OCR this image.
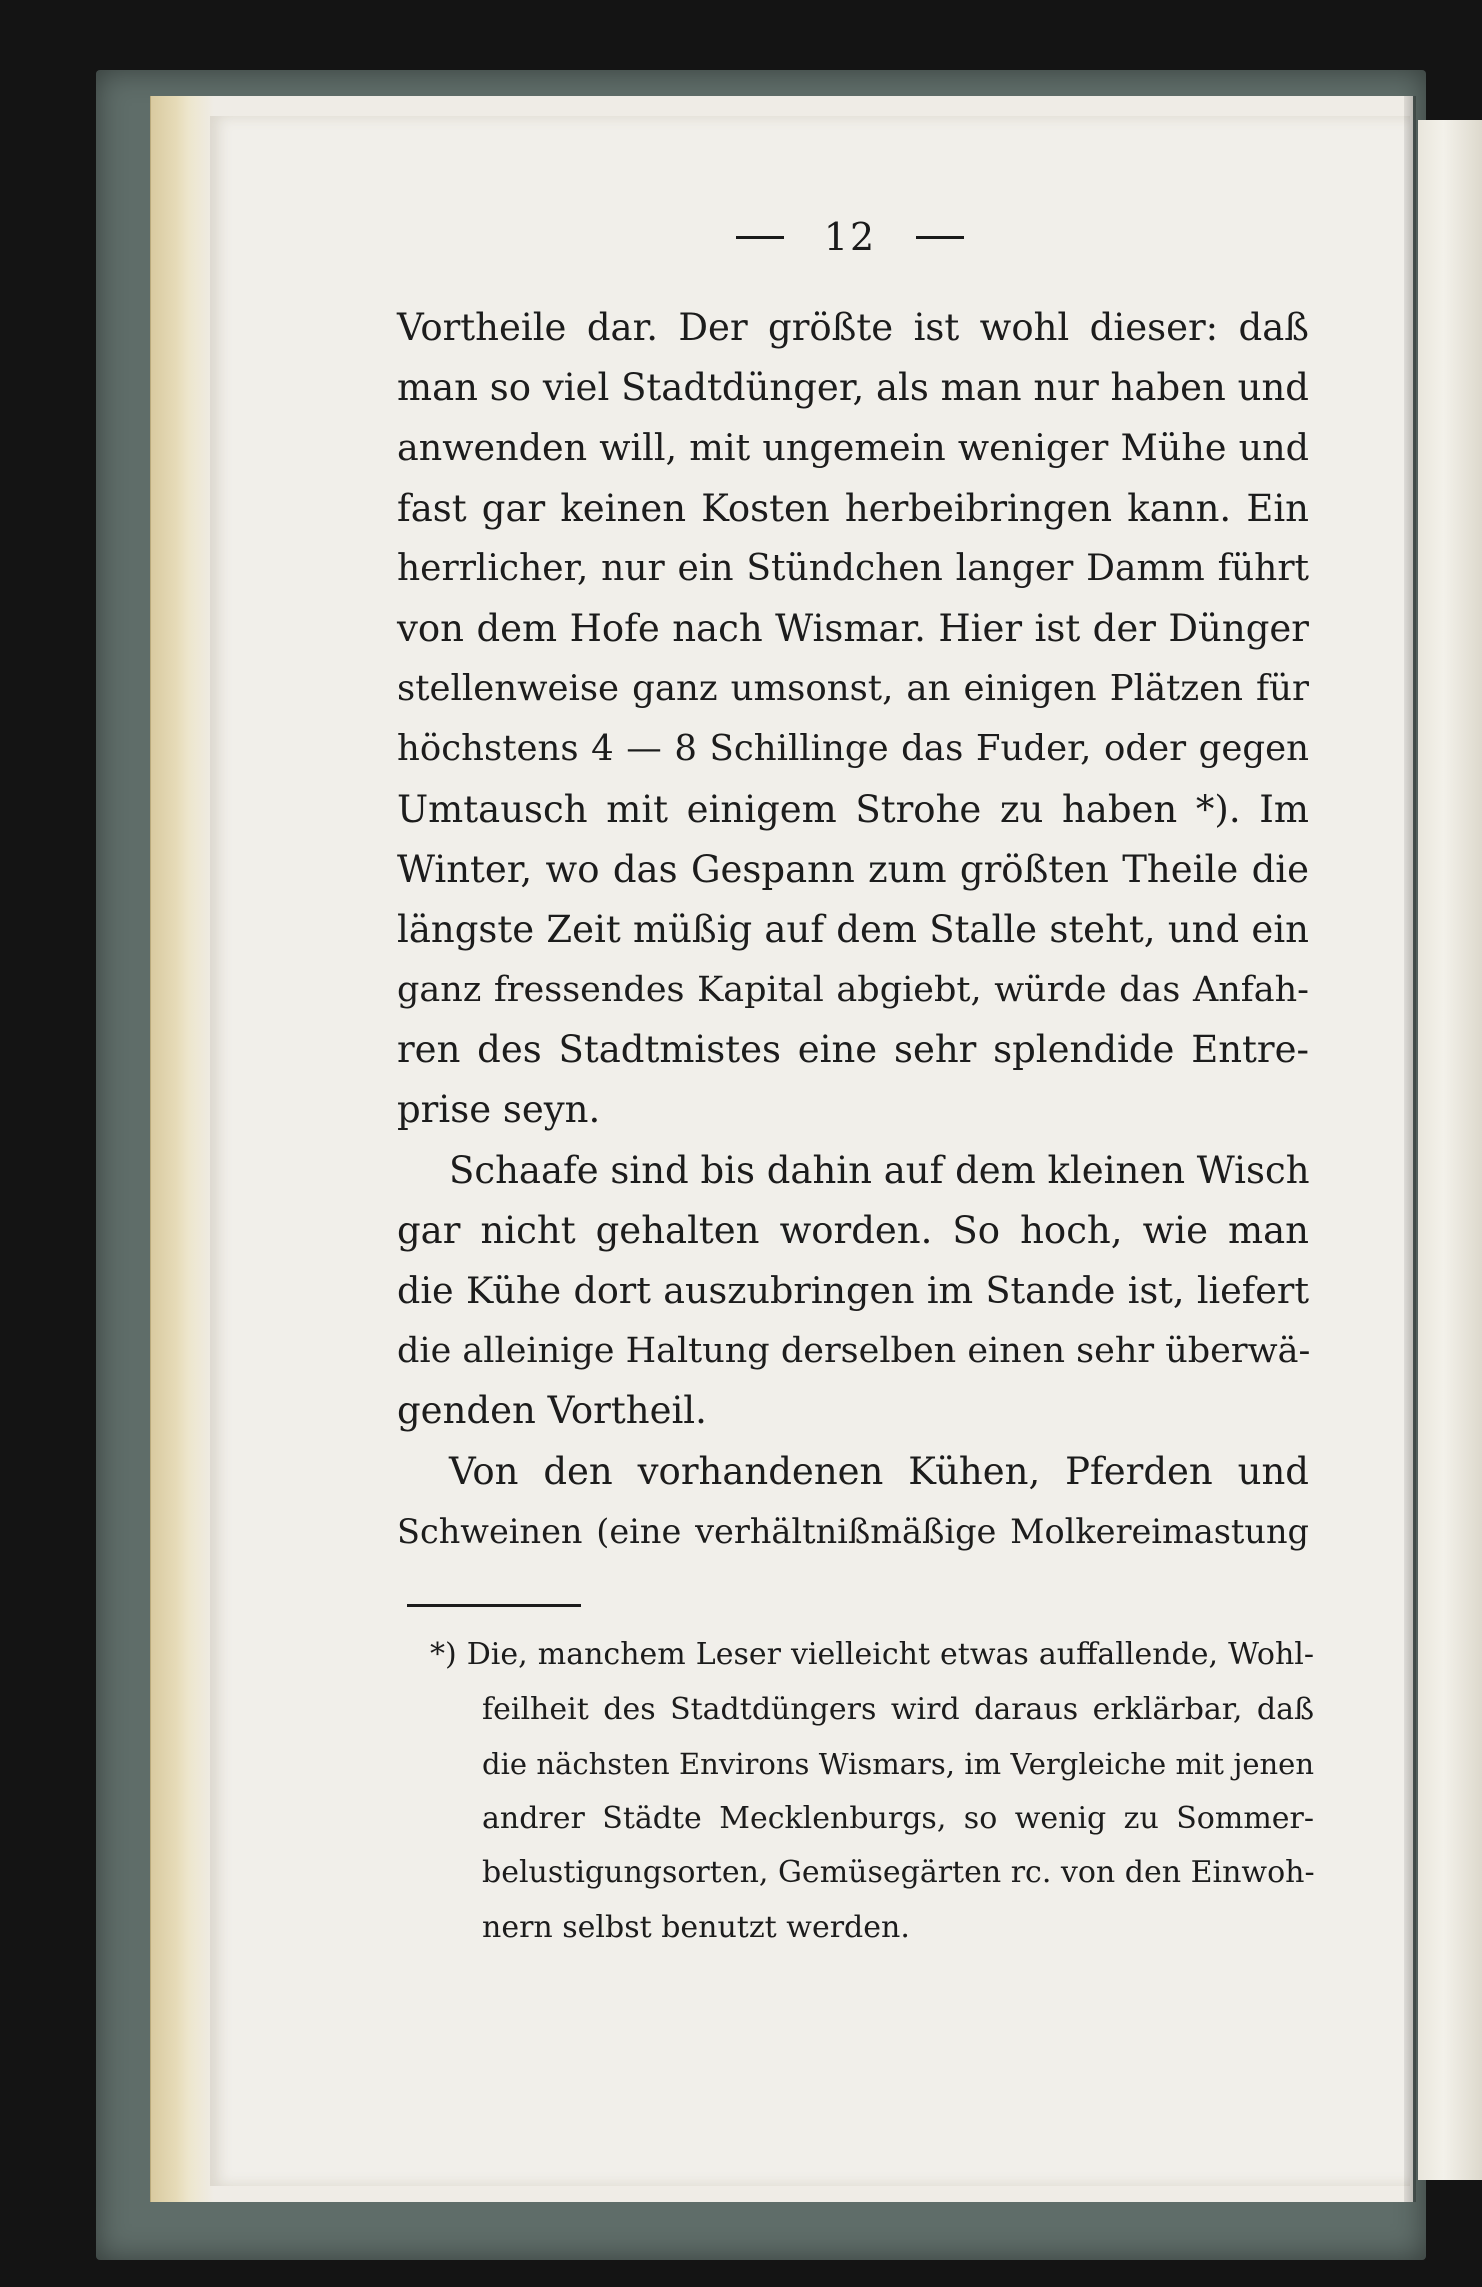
12
Vortheile dar. Der größte ist wohl dieser: daß
man so viel Stadtdünger, als man nur haben und
anwenden will, mit ungemein weniger Mühe und
fast gar keinen Kosten herbeibringen kann. Ein
herrlicher, nur ein Stündchen langer Damm führt
von dem Hofe nach Wismar. Hier ist der Dünger
stellenweise ganz umsonst, an einigen Plätzen für
höchstens 4 — 8 Schillinge das Fuder, oder gegen
Umtausch mit einigem Strohe zu haben *). Im
Winter, wo das Gespann zum größten Theile die
längste Zeit müßig auf dem Stalle steht, und ein
ganz fressendes Kapital abgiebt, würde das Anfah-
ren des Stadtmistes eine sehr splendide Entre-
prise seyn.
Schaafe sind bis dahin auf dem kleinen Wisch
gar nicht gehalten worden. So hoch, wie man
die Kühe dort auszubringen im Stande ist, liefert
die alleinige Haltung derselben einen sehr überwä-
genden Vortheil.
Von den vorhandenen Kühen, Pferden und
Schweinen (eine verhältnißmäßige Molkereimastung
*) Die, manchem Leser vielleicht etwas auffallende, Wohl-
feilheit des Stadtdüngers wird daraus erklärbar, daß
die nächsten Environs Wismars, im Vergleiche mit jenen
andrer Städte Mecklenburgs, so wenig zu Sommer-
belustigungsorten, Gemüsegärten rc. von den Einwoh-
nern selbst benutzt werden.
